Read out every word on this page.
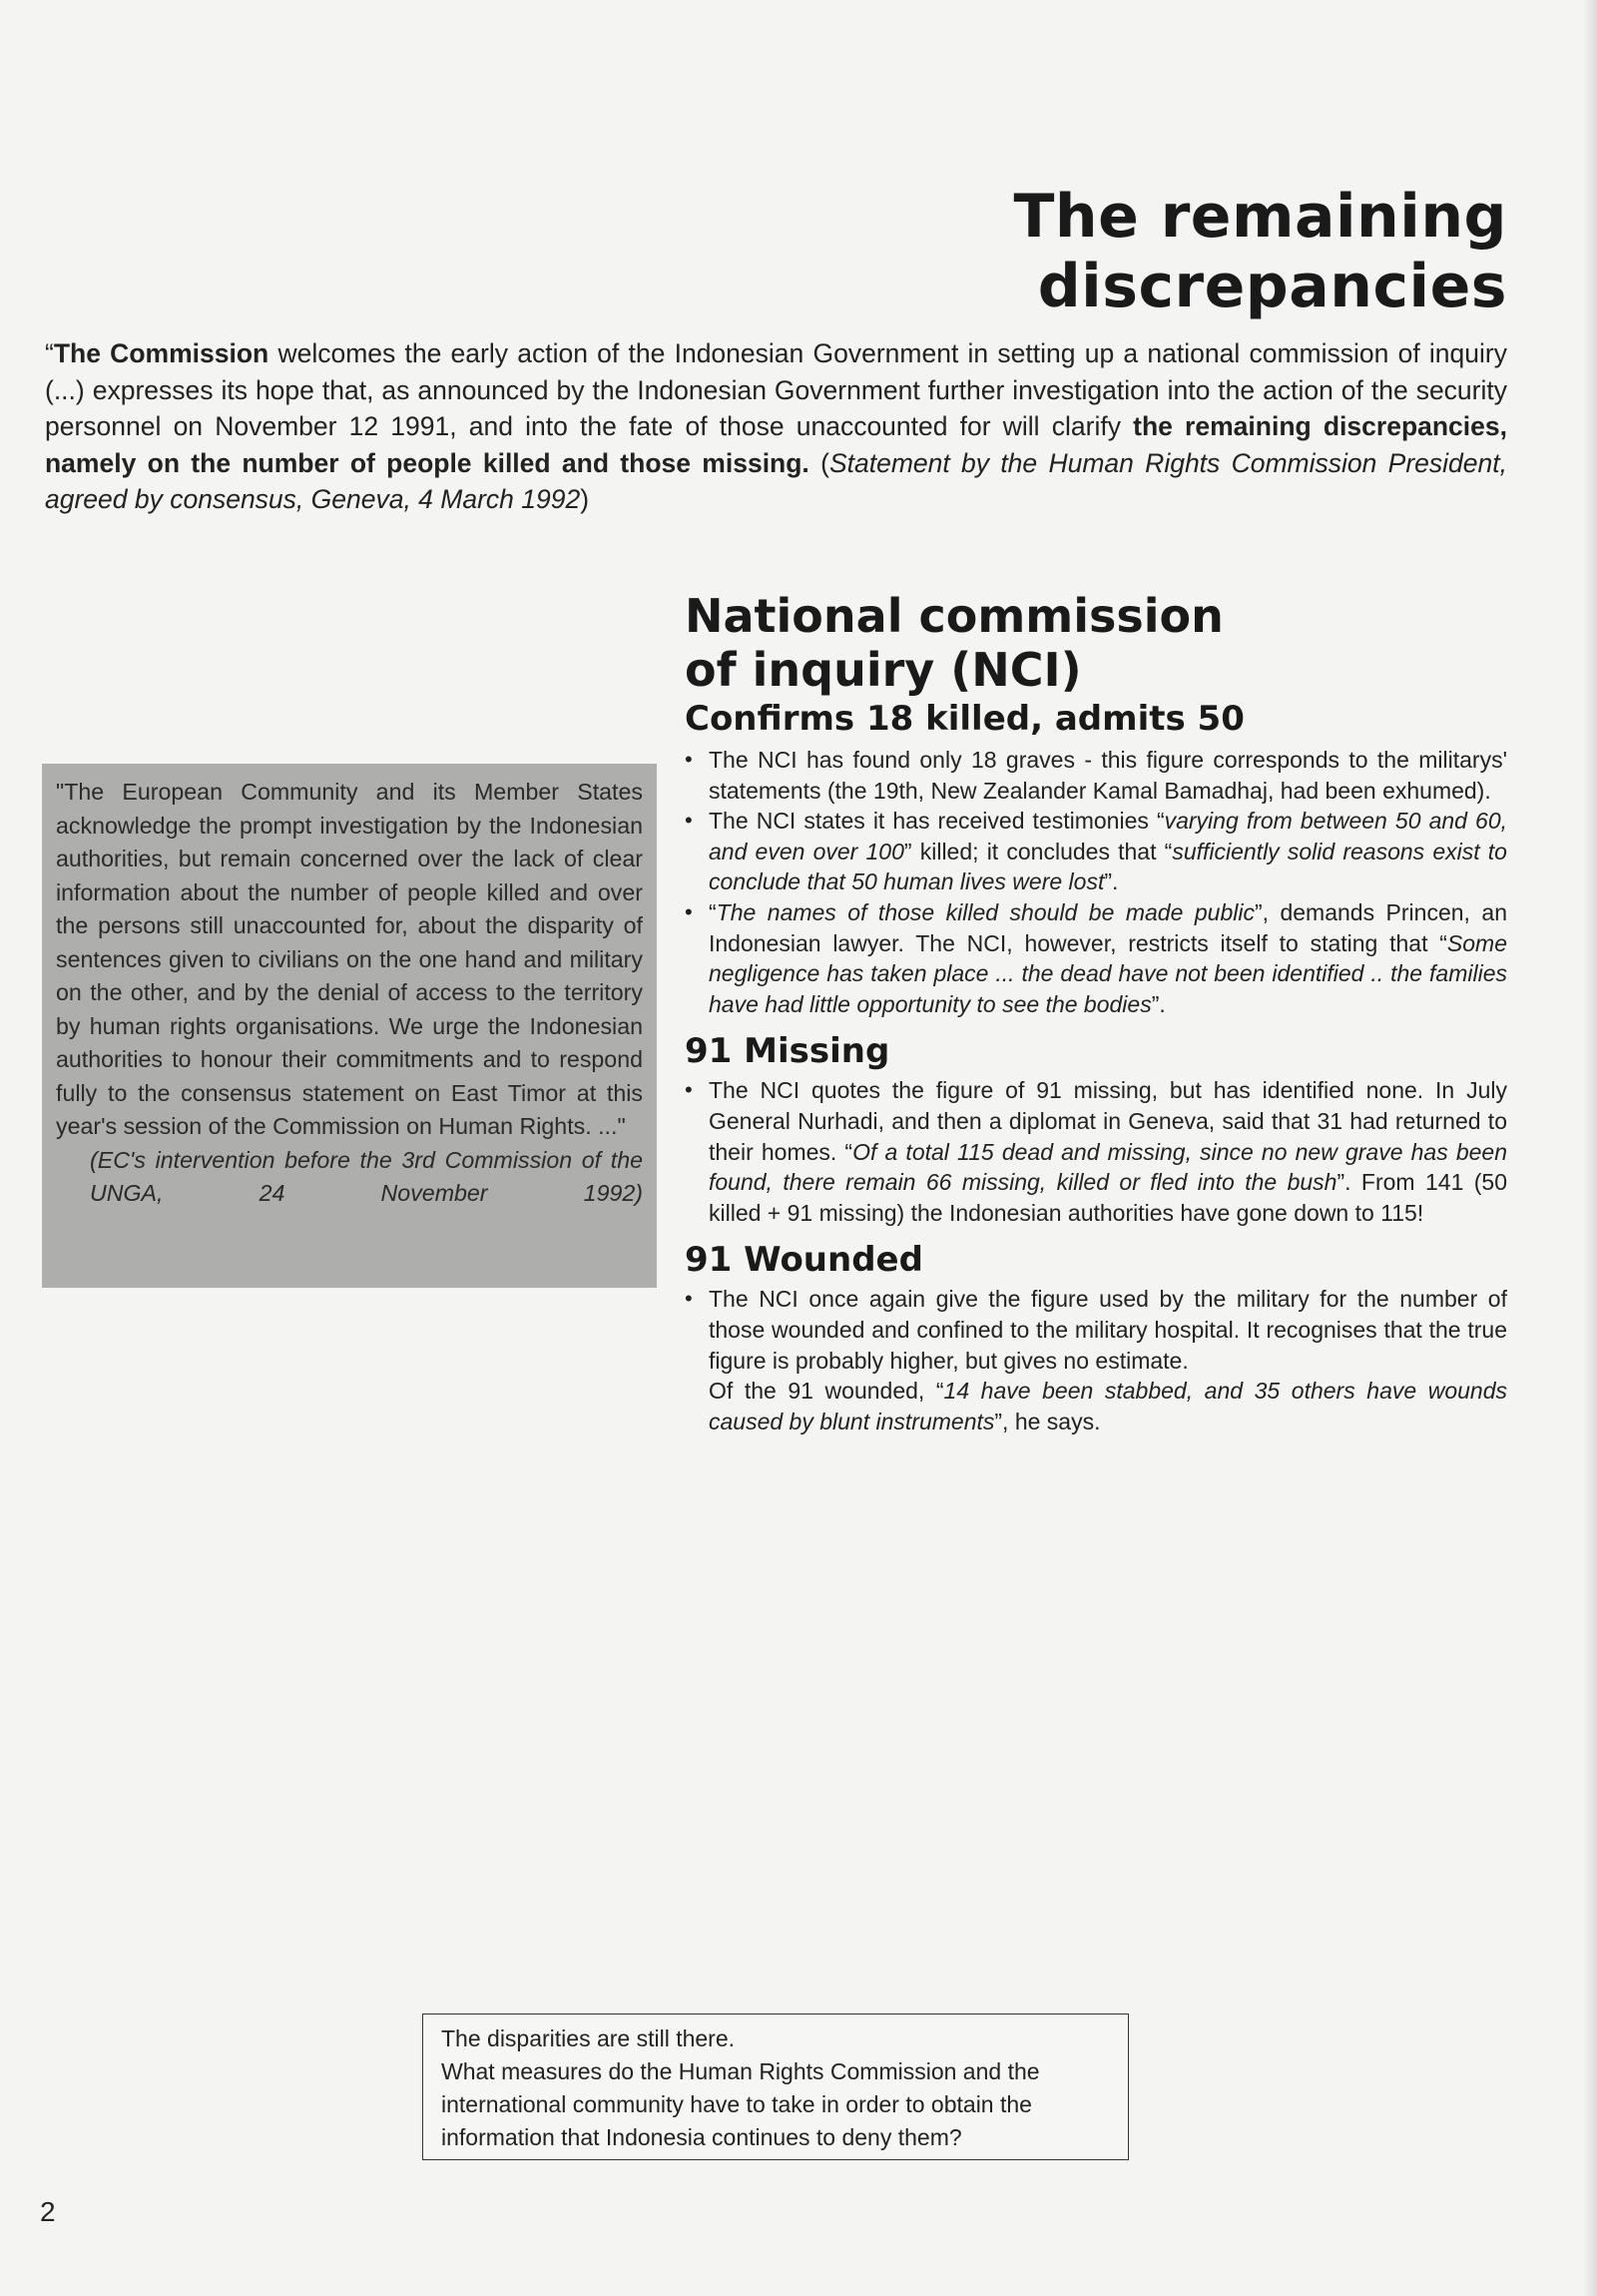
The remaining discrepancies

“The Commission welcomes the early action of the Indonesian Government in setting up a national commission of inquiry (...) expresses its hope that, as announced by the Indonesian Government further investigation into the action of the security personnel on November 12 1991, and into the fate of those unaccounted for will clarify the remaining discrepancies, namely on the number of people killed and those missing. (Statement by the Human Rights Commission President, agreed by consensus, Geneva, 4 March 1992)

"The European Community and its Member States acknowledge the prompt investigation by the Indonesian authorities, but remain concerned over the lack of clear information about the number of people killed and over the persons still unaccounted for, about the disparity of sentences given to civilians on the one hand and military on the other, and by the denial of access to the territory by human rights organisations. We urge the Indonesian authorities to honour their commitments and to respond fully to the consensus statement on East Timor at this year's session of the Commission on Human Rights. ..."

(EC's intervention before the 3rd Commission of the UNGA, 24 November 1992)

National commission
of inquiry (NCI)
Confirms 18 killed, admits 50
• The NCI has found only 18 graves - this figure corresponds to the militarys' statements (the 19th, New Zealander Kamal Bamadhaj, had been exhumed).
• The NCI states it has received testimonies “varying from between 50 and 60, and even over 100” killed; it concludes that “sufficiently solid reasons exist to conclude that 50 human lives were lost”.
• “The names of those killed should be made public”, demands Princen, an Indonesian lawyer. The NCI, however, restricts itself to stating that “Some negligence has taken place ... the dead have not been identified .. the families have had little opportunity to see the bodies”.
91 Missing
• The NCI quotes the figure of 91 missing, but has identified none. In July General Nurhadi, and then a diplomat in Geneva, said that 31 had returned to their homes. “Of a total 115 dead and missing, since no new grave has been found, there remain 66 missing, killed or fled into the bush”. From 141 (50 killed + 91 missing) the Indonesian authorities have gone down to 115!
91 Wounded
• The NCI once again give the figure used by the military for the number of those wounded and confined to the military hospital. It recognises that the true figure is probably higher, but gives no estimate.

Of the 91 wounded, “14 have been stabbed, and 35 others have wounds caused by blunt instruments”, he says.

The disparities are still there.

What measures do the Human Rights Commission and the international community have to take in order to obtain the information that Indonesia continues to deny them?

2
